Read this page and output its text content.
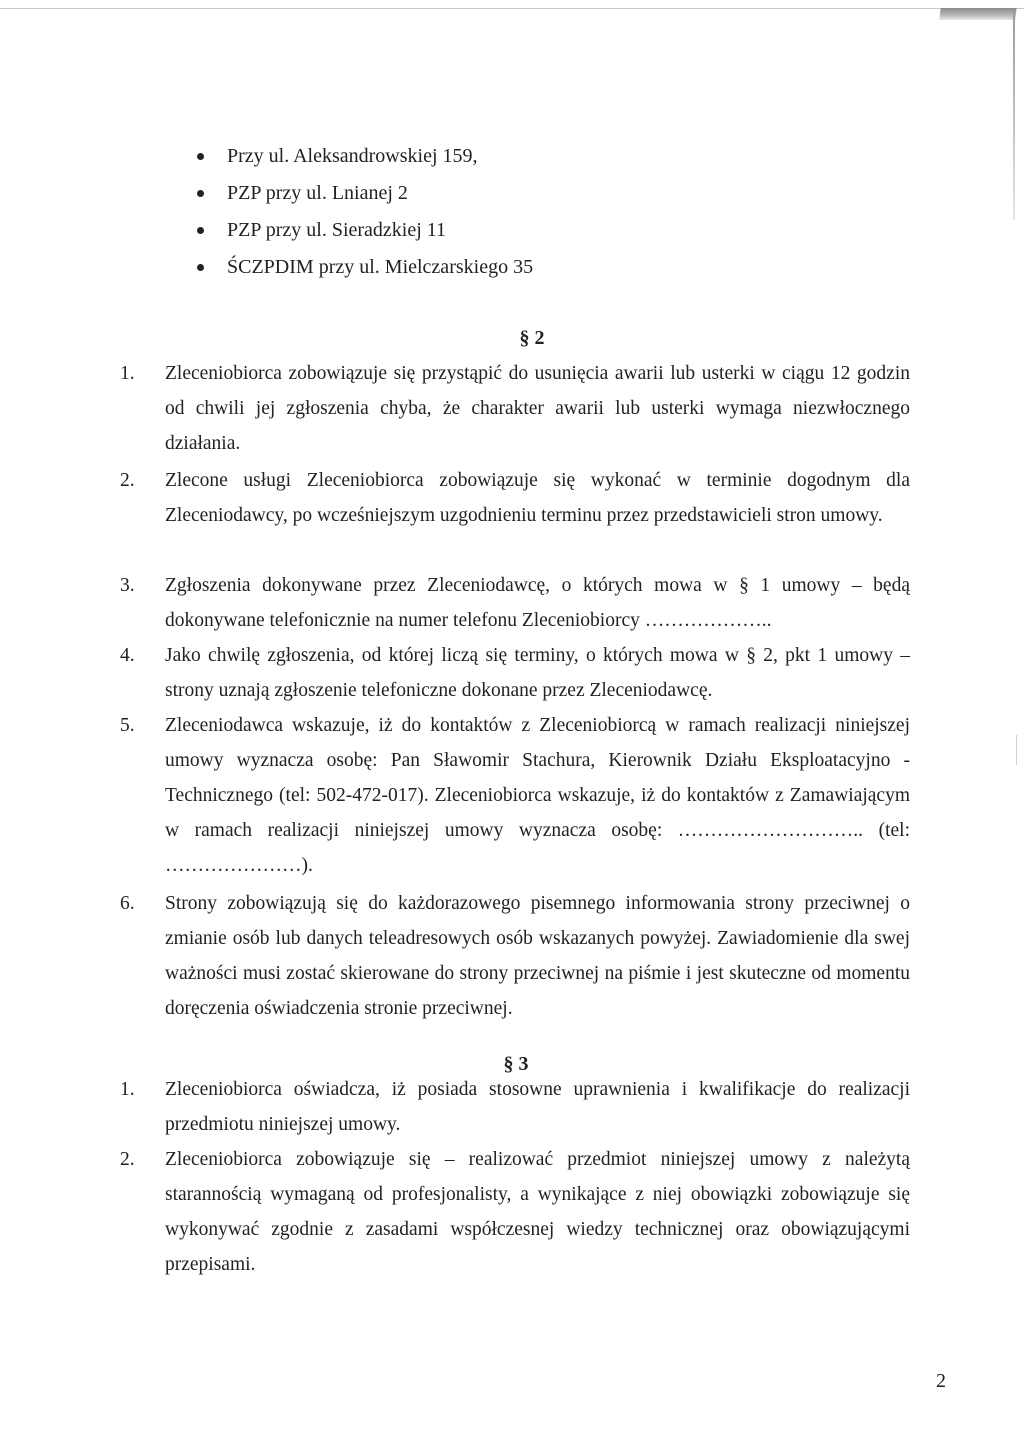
Przy ul. Aleksandrowskiej 159,
PZP przy ul. Lnianej 2
PZP przy ul. Sieradzkiej 11
ŚCZPDIM przy ul. Mielczarskiego 35
§ 2
1.	Zleceniobiorca zobowiązuje się przystąpić do usunięcia awarii lub usterki w ciągu 12 godzin od chwili jej zgłoszenia chyba, że charakter awarii lub usterki wymaga niezwłocznego działania.
2.	Zlecone usługi Zleceniobiorca zobowiązuje się wykonać w terminie dogodnym dla Zleceniodawcy, po wcześniejszym uzgodnieniu terminu przez przedstawicieli stron umowy.
3.	Zgłoszenia dokonywane przez Zleceniodawcę, o których mowa w § 1 umowy – będą dokonywane telefonicznie na numer telefonu Zleceniobiorcy ………………..
4.	Jako chwilę zgłoszenia, od której liczą się terminy, o których mowa w § 2, pkt 1 umowy – strony uznają zgłoszenie telefoniczne dokonane przez Zleceniodawcę.
5.	Zleceniodawca wskazuje, iż do kontaktów z Zleceniobiorcą w ramach realizacji niniejszej umowy wyznacza osobę: Pan Sławomir Stachura, Kierownik Działu Eksploatacyjno - Technicznego (tel: 502-472-017). Zleceniobiorca wskazuje, iż do kontaktów z Zamawiającym w ramach realizacji niniejszej umowy wyznacza osobę: ……………………….. (tel: …………………).
6.	Strony zobowiązują się do każdorazowego pisemnego informowania strony przeciwnej o zmianie osób lub danych teleadresowych osób wskazanych powyżej. Zawiadomienie dla swej ważności musi zostać skierowane do strony przeciwnej na piśmie i jest skuteczne od momentu doręczenia oświadczenia stronie przeciwnej.
§ 3
1.	Zleceniobiorca oświadcza, iż posiada stosowne uprawnienia i kwalifikacje do realizacji przedmiotu niniejszej umowy.
2.	Zleceniobiorca zobowiązuje się – realizować przedmiot niniejszej umowy z należytą starannością wymaganą od profesjonalisty, a wynikające z niej obowiązki zobowiązuje się wykonywać zgodnie z zasadami współczesnej wiedzy technicznej oraz obowiązującymi przepisami.
2
